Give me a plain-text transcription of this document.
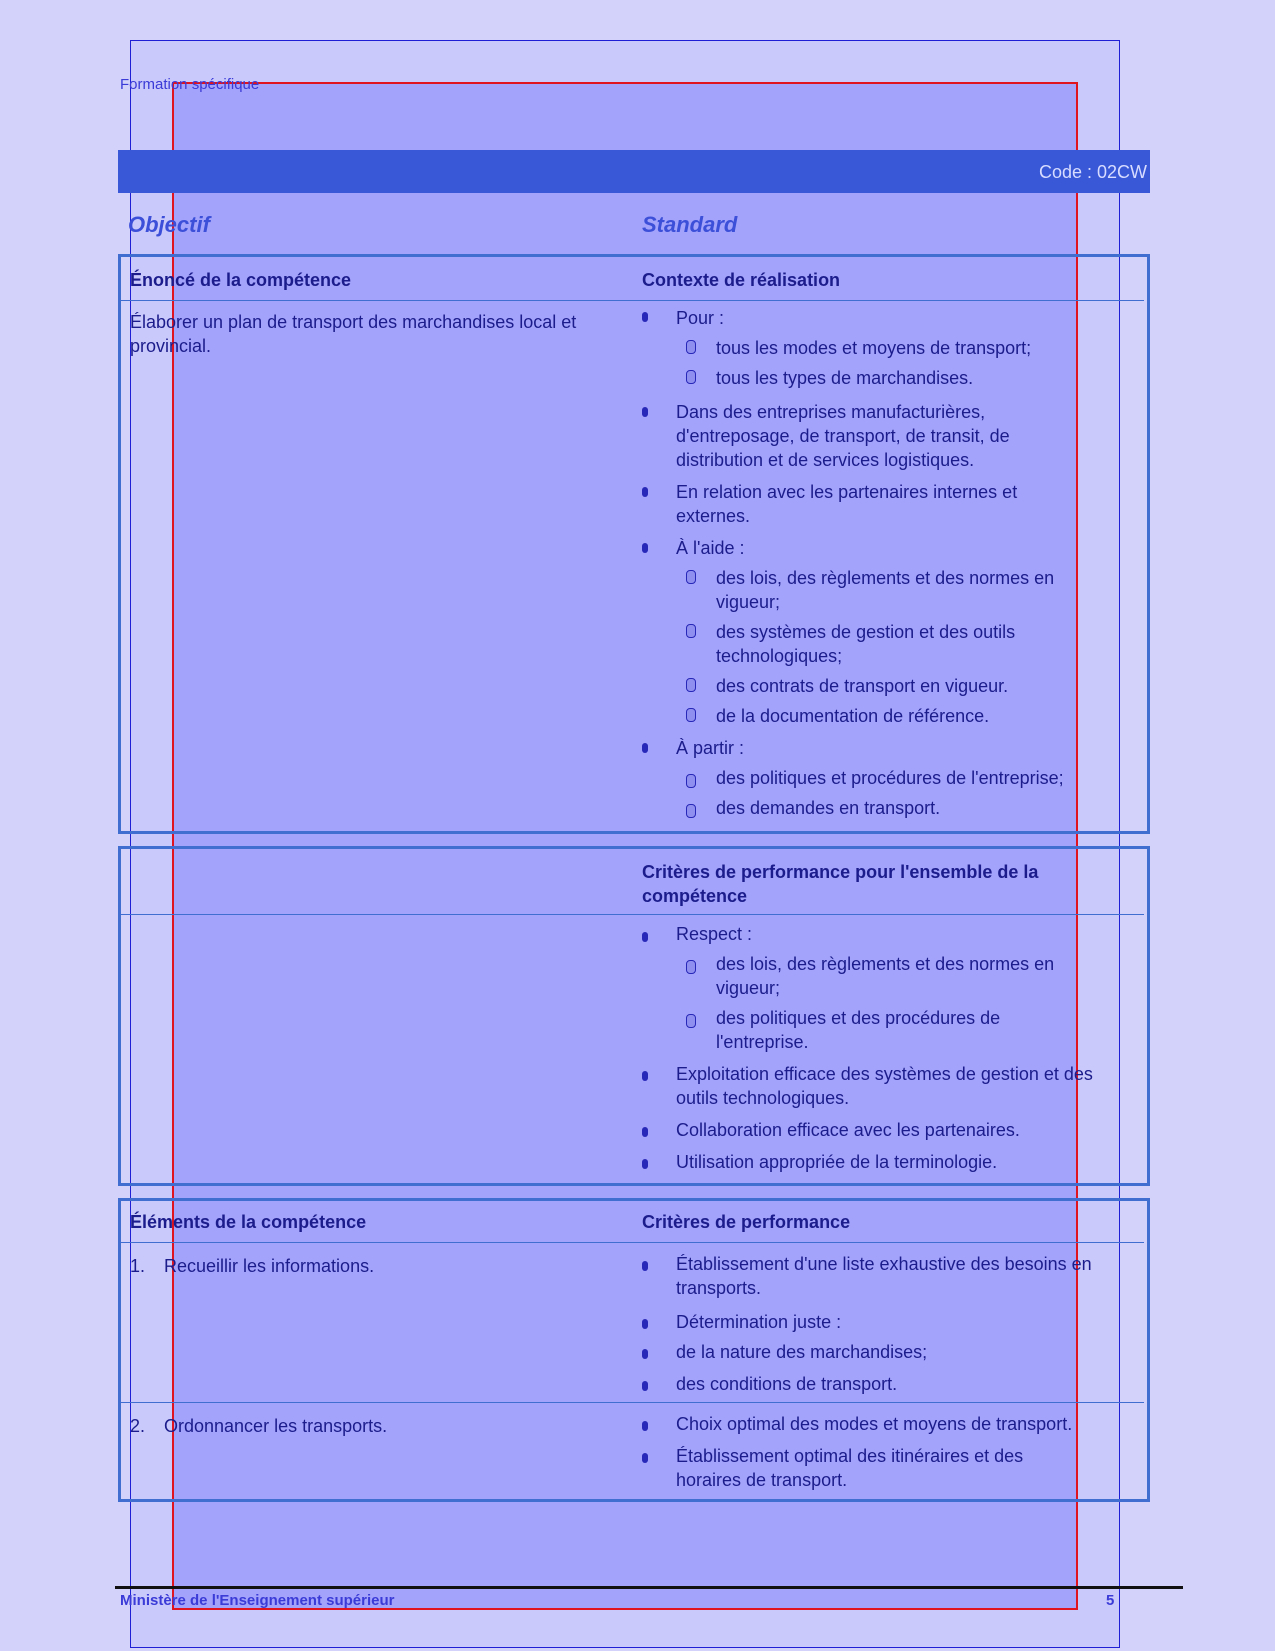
Formation spécifique
Code : 02CW
Objectif	Standard
Énoncé de la compétence	Contexte de réalisation
Élaborer un plan de transport des marchandises local et provincial.
Pour :
tous les modes et moyens de transport;
tous les types de marchandises.
Dans des entreprises manufacturières, d'entreposage, de transport, de transit, de distribution et de services logistiques.
En relation avec les partenaires internes et externes.
À l'aide :
des lois, des règlements et des normes en vigueur;
des systèmes de gestion et des outils technologiques;
des contrats de transport en vigueur.
de la documentation de référence.
À partir :
des politiques et procédures de l'entreprise;
des demandes en transport.
Critères de performance pour l'ensemble de la compétence
Respect :
des lois, des règlements et des normes en vigueur;
des politiques et des procédures de l'entreprise.
Exploitation efficace des systèmes de gestion et des outils technologiques.
Collaboration efficace avec les partenaires.
Utilisation appropriée de la terminologie.
Éléments de la compétence	Critères de performance
1. Recueillir les informations.	Établissement d'une liste exhaustive des besoins en transports.
Détermination juste :
de la nature des marchandises;
des conditions de transport.
2. Ordonnancer les transports.	Choix optimal des modes et moyens de transport.
Établissement optimal des itinéraires et des horaires de transport.
Ministère de l'Enseignement supérieur	5
